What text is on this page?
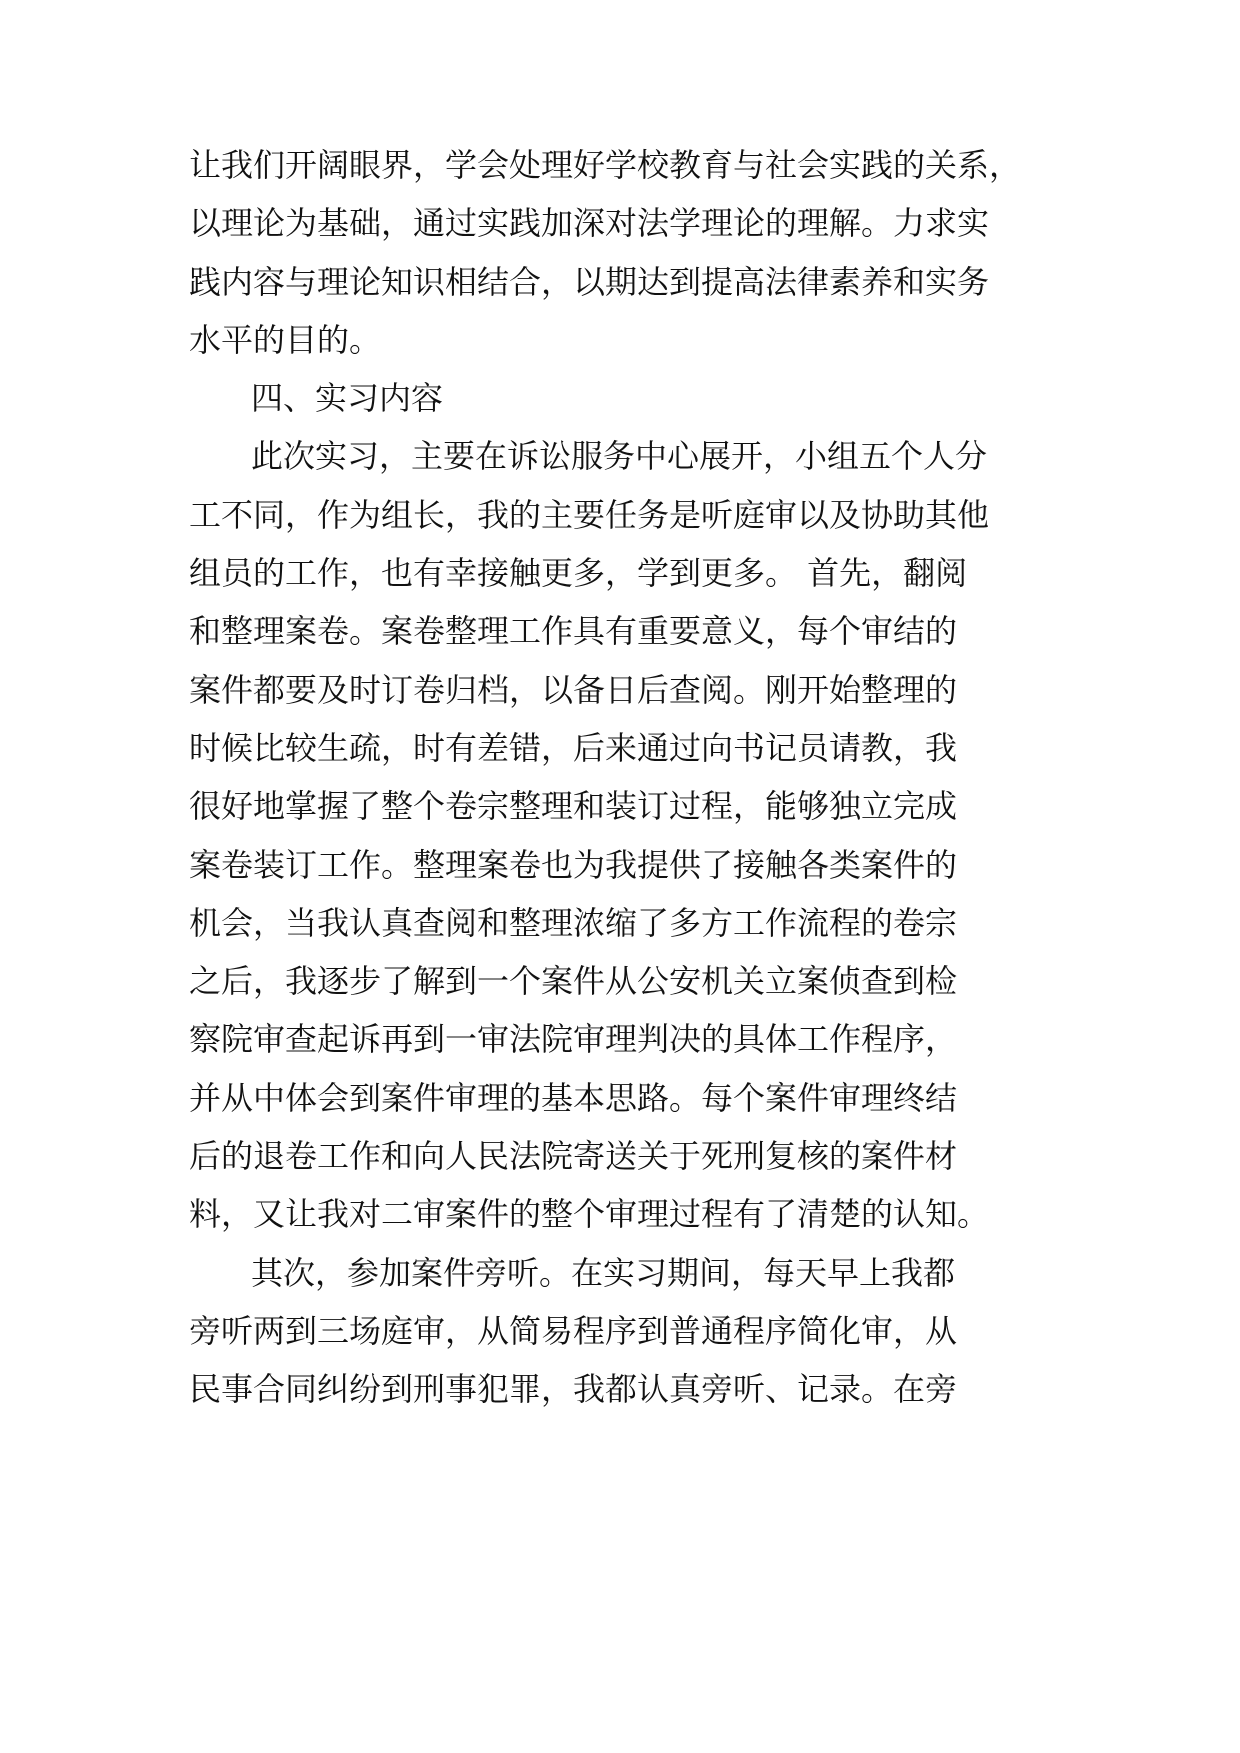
让我们开阔眼界，学会处理好学校教育与社会实践的关系，
以理论为基础，通过实践加深对法学理论的理解。力求实
践内容与理论知识相结合，以期达到提高法律素养和实务
水平的目的。
四、实习内容
此次实习，主要在诉讼服务中心展开，小组五个人分
工不同，作为组长，我的主要任务是听庭审以及协助其他
组员的工作，也有幸接触更多，学到更多。 首先，翻阅
和整理案卷。案卷整理工作具有重要意义，每个审结的
案件都要及时订卷归档，以备日后查阅。刚开始整理的
时候比较生疏，时有差错，后来通过向书记员请教，我
很好地掌握了整个卷宗整理和装订过程，能够独立完成
案卷装订工作。整理案卷也为我提供了接触各类案件的
机会，当我认真查阅和整理浓缩了多方工作流程的卷宗
之后，我逐步了解到一个案件从公安机关立案侦查到检
察院审查起诉再到一审法院审理判决的具体工作程序，
并从中体会到案件审理的基本思路。每个案件审理终结
后的退卷工作和向人民法院寄送关于死刑复核的案件材
料，又让我对二审案件的整个审理过程有了清楚的认知。
其次，参加案件旁听。在实习期间，每天早上我都
旁听两到三场庭审，从简易程序到普通程序简化审，从
民事合同纠纷到刑事犯罪，我都认真旁听、记录。在旁
